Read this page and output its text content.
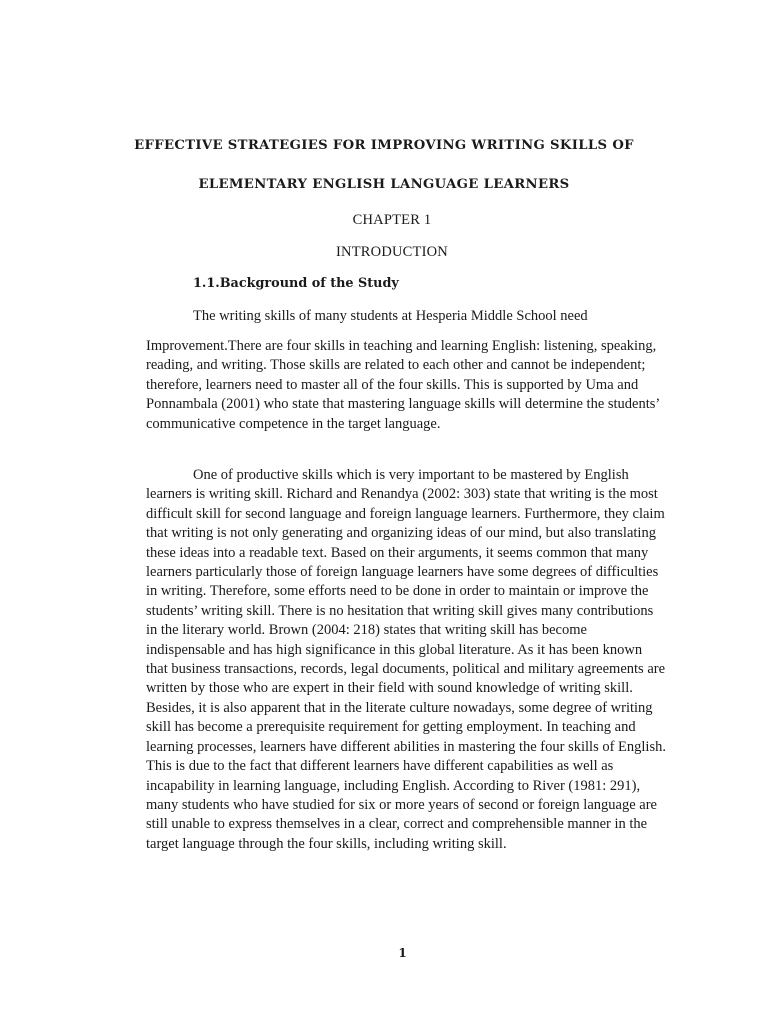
EFFECTIVE STRATEGIES FOR IMPROVING WRITING SKILLS OF
ELEMENTARY ENGLISH LANGUAGE LEARNERS
CHAPTER 1
INTRODUCTION
1.1.Background of the Study
The writing skills of many students at Hesperia Middle School need
Improvement.There are four skills in teaching and learning English: listening, speaking, reading, and writing. Those skills are related to each other and cannot be independent; therefore, learners need to master all of the four skills. This is supported by Uma and Ponnambala (2001) who state that mastering language skills will determine the students’ communicative competence in the target language.
One of productive skills which is very important to be mastered by English learners is writing skill. Richard and Renandya (2002: 303) state that writing is the most difficult skill for second language and foreign language learners. Furthermore, they claim that writing is not only generating and organizing ideas of our mind, but also translating these ideas into a readable text. Based on their arguments, it seems common that many learners particularly those of foreign language learners have some degrees of difficulties in writing. Therefore, some efforts need to be done in order to maintain or improve the students’ writing skill. There is no hesitation that writing skill gives many contributions in the literary world. Brown (2004: 218) states that writing skill has become indispensable and has high significance in this global literature. As it has been known that business transactions, records, legal documents, political and military agreements are written by those who are expert in their field with sound knowledge of writing skill. Besides, it is also apparent that in the literate culture nowadays, some degree of writing skill has become a prerequisite requirement for getting employment. In teaching and learning processes, learners have different abilities in mastering the four skills of English. This is due to the fact that different learners have different capabilities as well as incapability in learning language, including English. According to River (1981: 291), many students who have studied for six or more years of second or foreign language are still unable to express themselves in a clear, correct and comprehensible manner in the target language through the four skills, including writing skill.
1
